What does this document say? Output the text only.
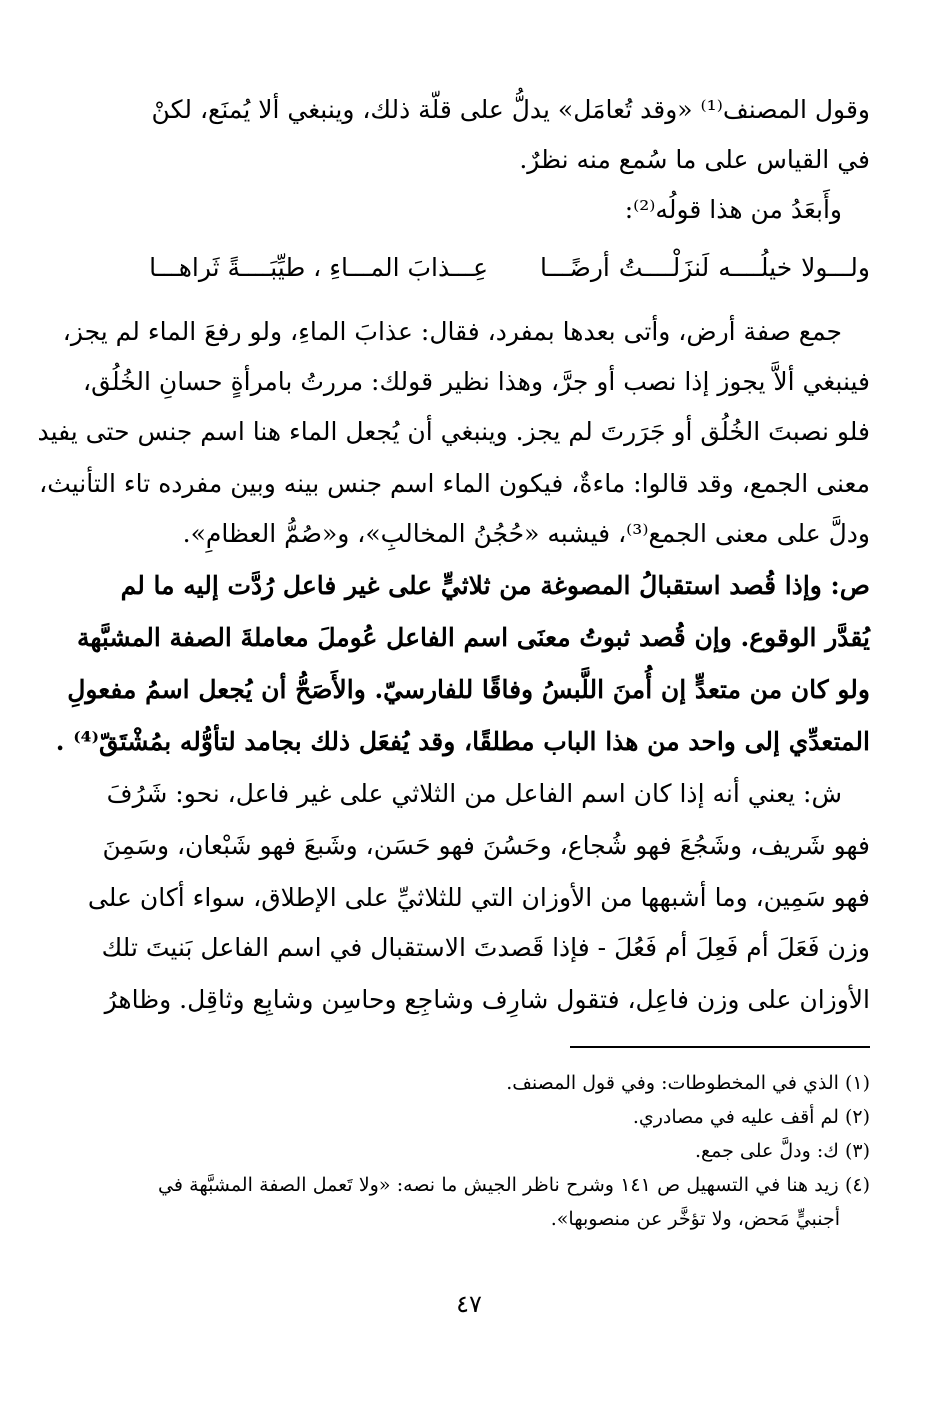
وقول المصنف⁽¹⁾ «وقد تُعامَل» يدلُّ على قلّة ذلك، وينبغي ألا يُمنَع، لكنْ
في القياس على ما سُمع منه نظرٌ.
وأَبعَدُ من هذا قولُه⁽²⁾:
ولـــولا خيلُــــه لَنزَلْــــتُ أرضًـــا
عِـــذابَ المـــاءِ ، طيِّبَــــةً ثَراهـــا
جمع صفة أرض، وأتى بعدها بمفرد، فقال: عذابَ الماءِ، ولو رفعَ الماء لم يجز،
فينبغي ألاَّ يجوز إذا نصب أو جرَّ، وهذا نظير قولك: مررتُ بامرأةٍ حسانِ الخُلُق،
فلو نصبتَ الخُلُق أو جَرَرتَ لم يجز. وينبغي أن يُجعل الماء هنا اسم جنس حتى يفيد
معنى الجمع، وقد قالوا: ماءةٌ، فيكون الماء اسم جنس بينه وبين مفرده تاء التأنيث،
ودلَّ على معنى الجمع⁽³⁾، فيشبه «حُجُنُ المخالبِ»، و«صُمُّ العظامِ».
ص: وإذا قُصد استقبالُ المصوغة من ثلاثيٍّ على غير فاعل رُدَّت إليه ما لم
يُقدَّر الوقوع. وإن قُصد ثبوتُ معنَى اسم الفاعل عُوملَ معاملةَ الصفة المشبَّهة
ولو كان من متعدٍّ إن أُمنَ اللَّبسُ وفاقًا للفارسيّ. والأَصَحُّ أن يُجعل اسمُ مفعولِ
المتعدِّي إلى واحد من هذا الباب مطلقًا، وقد يُفعَل ذلك بجامد لتأوُّله بمُشْتَقّ⁽⁴⁾ .
ش: يعني أنه إذا كان اسم الفاعل من الثلاثي على غير فاعل، نحو: شَرُفَ
فهو شَريف، وشَجُعَ فهو شُجاع، وحَسُنَ فهو حَسَن، وشَبعَ فهو شَبْعان، وسَمِنَ
فهو سَمِين، وما أشبهها من الأوزان التي للثلاثيِّ على الإطلاق، سواء أكان على
وزن فَعَلَ أم فَعِلَ أم فَعُلَ - فإذا قَصدتَ الاستقبال في اسم الفاعل بَنيتَ تلك
الأوزان على وزن فاعِل، فتقول شارِف وشاجِع وحاسِن وشابِع وثاقِل. وظاهرُ
(١) الذي في المخطوطات: وفي قول المصنف.
(٢) لم أقف عليه في مصادري.
(٣) ك: ودلَّ على جمع.
(٤) زيد هنا في التسهيل ص ١٤١ وشرح ناظر الجيش ما نصه: «ولا تَعمل الصفة المشبَّهة في
أجنبيٍّ مَحض، ولا تؤخَّر عن منصوبها».
٤٧
